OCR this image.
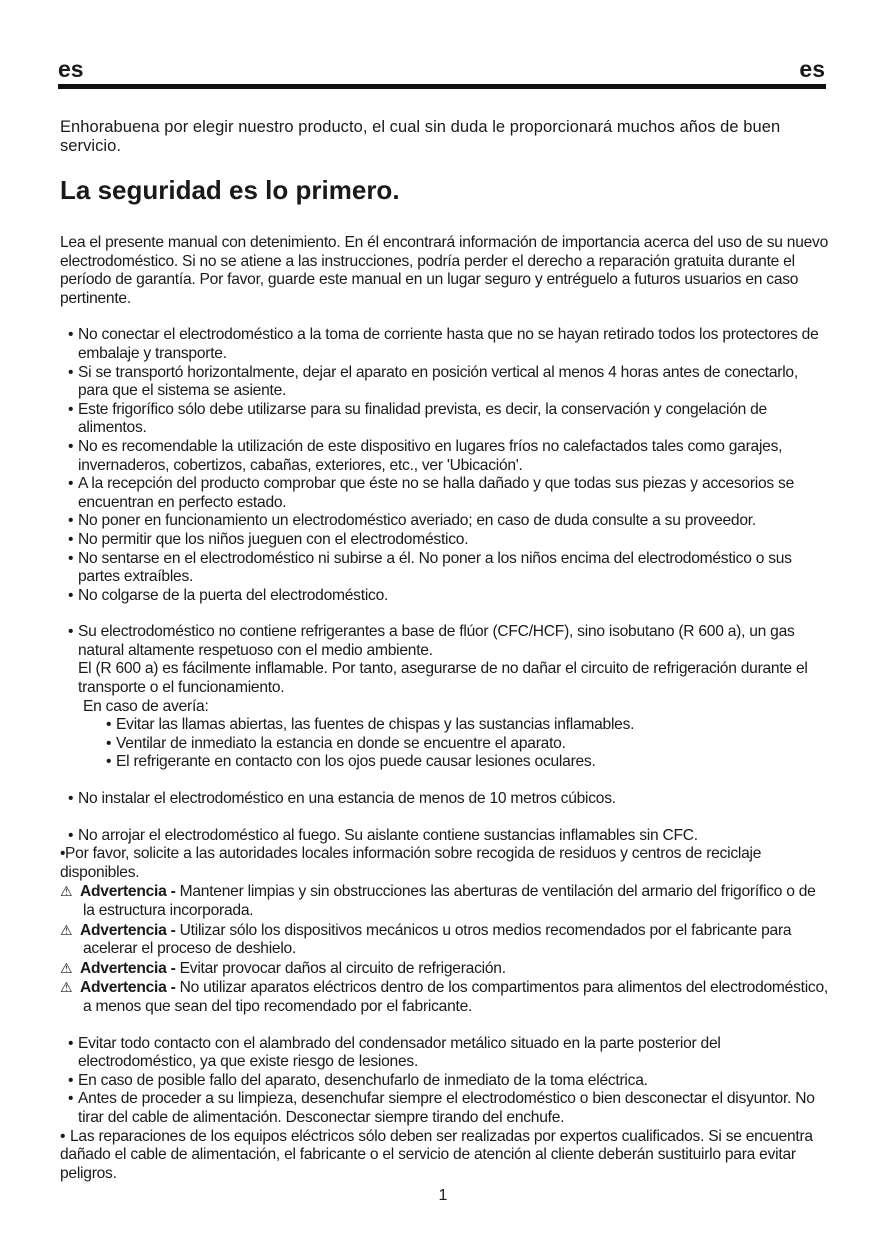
es	es

Enhorabuena por elegir nuestro producto, el cual sin duda le proporcionará muchos años de buen servicio.

La seguridad es lo primero.

Lea el presente manual con detenimiento. En él encontrará información de importancia acerca del uso de su nuevo electrodoméstico. Si no se atiene a las instrucciones, podría perder el derecho a reparación gratuita durante el período de garantía. Por favor, guarde este manual en un lugar seguro y entréguelo a futuros usuarios en caso pertinente.

• No conectar el electrodoméstico a la toma de corriente hasta que no se hayan retirado todos los protectores de embalaje y transporte.
• Si se transportó horizontalmente, dejar el aparato en posición vertical al menos 4 horas antes de conectarlo, para que el sistema se asiente.
• Este frigorífico sólo debe utilizarse para su finalidad prevista, es decir, la conservación y congelación de alimentos.
• No es recomendable la utilización de este dispositivo en lugares fríos no calefactados tales como garajes, invernaderos, cobertizos, cabañas, exteriores, etc., ver 'Ubicación'.
• A la recepción del producto comprobar que éste no se halla dañado y que todas sus piezas y accesorios se encuentran en perfecto estado.
• No poner en funcionamiento un electrodoméstico averiado; en caso de duda consulte a su proveedor.
• No permitir que los niños jueguen con el electrodoméstico.
• No sentarse en el electrodoméstico ni subirse a él. No poner a los niños encima del electrodoméstico o sus partes extraíbles.
• No colgarse de la puerta del electrodoméstico.
• Su electrodoméstico no contiene refrigerantes a base de flúor (CFC/HCF), sino isobutano (R 600 a), un gas natural altamente respetuoso con el medio ambiente.
El (R 600 a) es fácilmente inflamable. Por tanto, asegurarse de no dañar el circuito de refrigeración durante el transporte o el funcionamiento.
En caso de avería:
• Evitar las llamas abiertas, las fuentes de chispas y las sustancias inflamables.
• Ventilar de inmediato la estancia en donde se encuentre el aparato.
• El refrigerante en contacto con los ojos puede causar lesiones oculares.
• No instalar el electrodoméstico en una estancia de menos de 10 metros cúbicos.
• No arrojar el electrodoméstico al fuego. Su aislante contiene sustancias inflamables sin CFC.
• Por favor, solicite a las autoridades locales información sobre recogida de residuos y centros de reciclaje disponibles.
⚠ Advertencia - Mantener limpias y sin obstrucciones las aberturas de ventilación del armario del frigorífico o de la estructura incorporada.
⚠ Advertencia - Utilizar sólo los dispositivos mecánicos u otros medios recomendados por el fabricante para acelerar el proceso de deshielo.
⚠ Advertencia - Evitar provocar daños al circuito de refrigeración.
⚠ Advertencia - No utilizar aparatos eléctricos dentro de los compartimentos para alimentos del electrodoméstico, a menos que sean del tipo recomendado por el fabricante.
• Evitar todo contacto con el alambrado del condensador metálico situado en la parte posterior del electrodoméstico, ya que existe riesgo de lesiones.
• En caso de posible fallo del aparato, desenchufarlo de inmediato de la toma eléctrica.
• Antes de proceder a su limpieza, desenchufar siempre el electrodoméstico o bien desconectar el disyuntor. No tirar del cable de alimentación. Desconectar siempre tirando del enchufe.
• Las reparaciones de los equipos eléctricos sólo deben ser realizadas por expertos cualificados. Si se encuentra dañado el cable de alimentación, el fabricante o el servicio de atención al cliente deberán sustituirlo para evitar peligros.
1
